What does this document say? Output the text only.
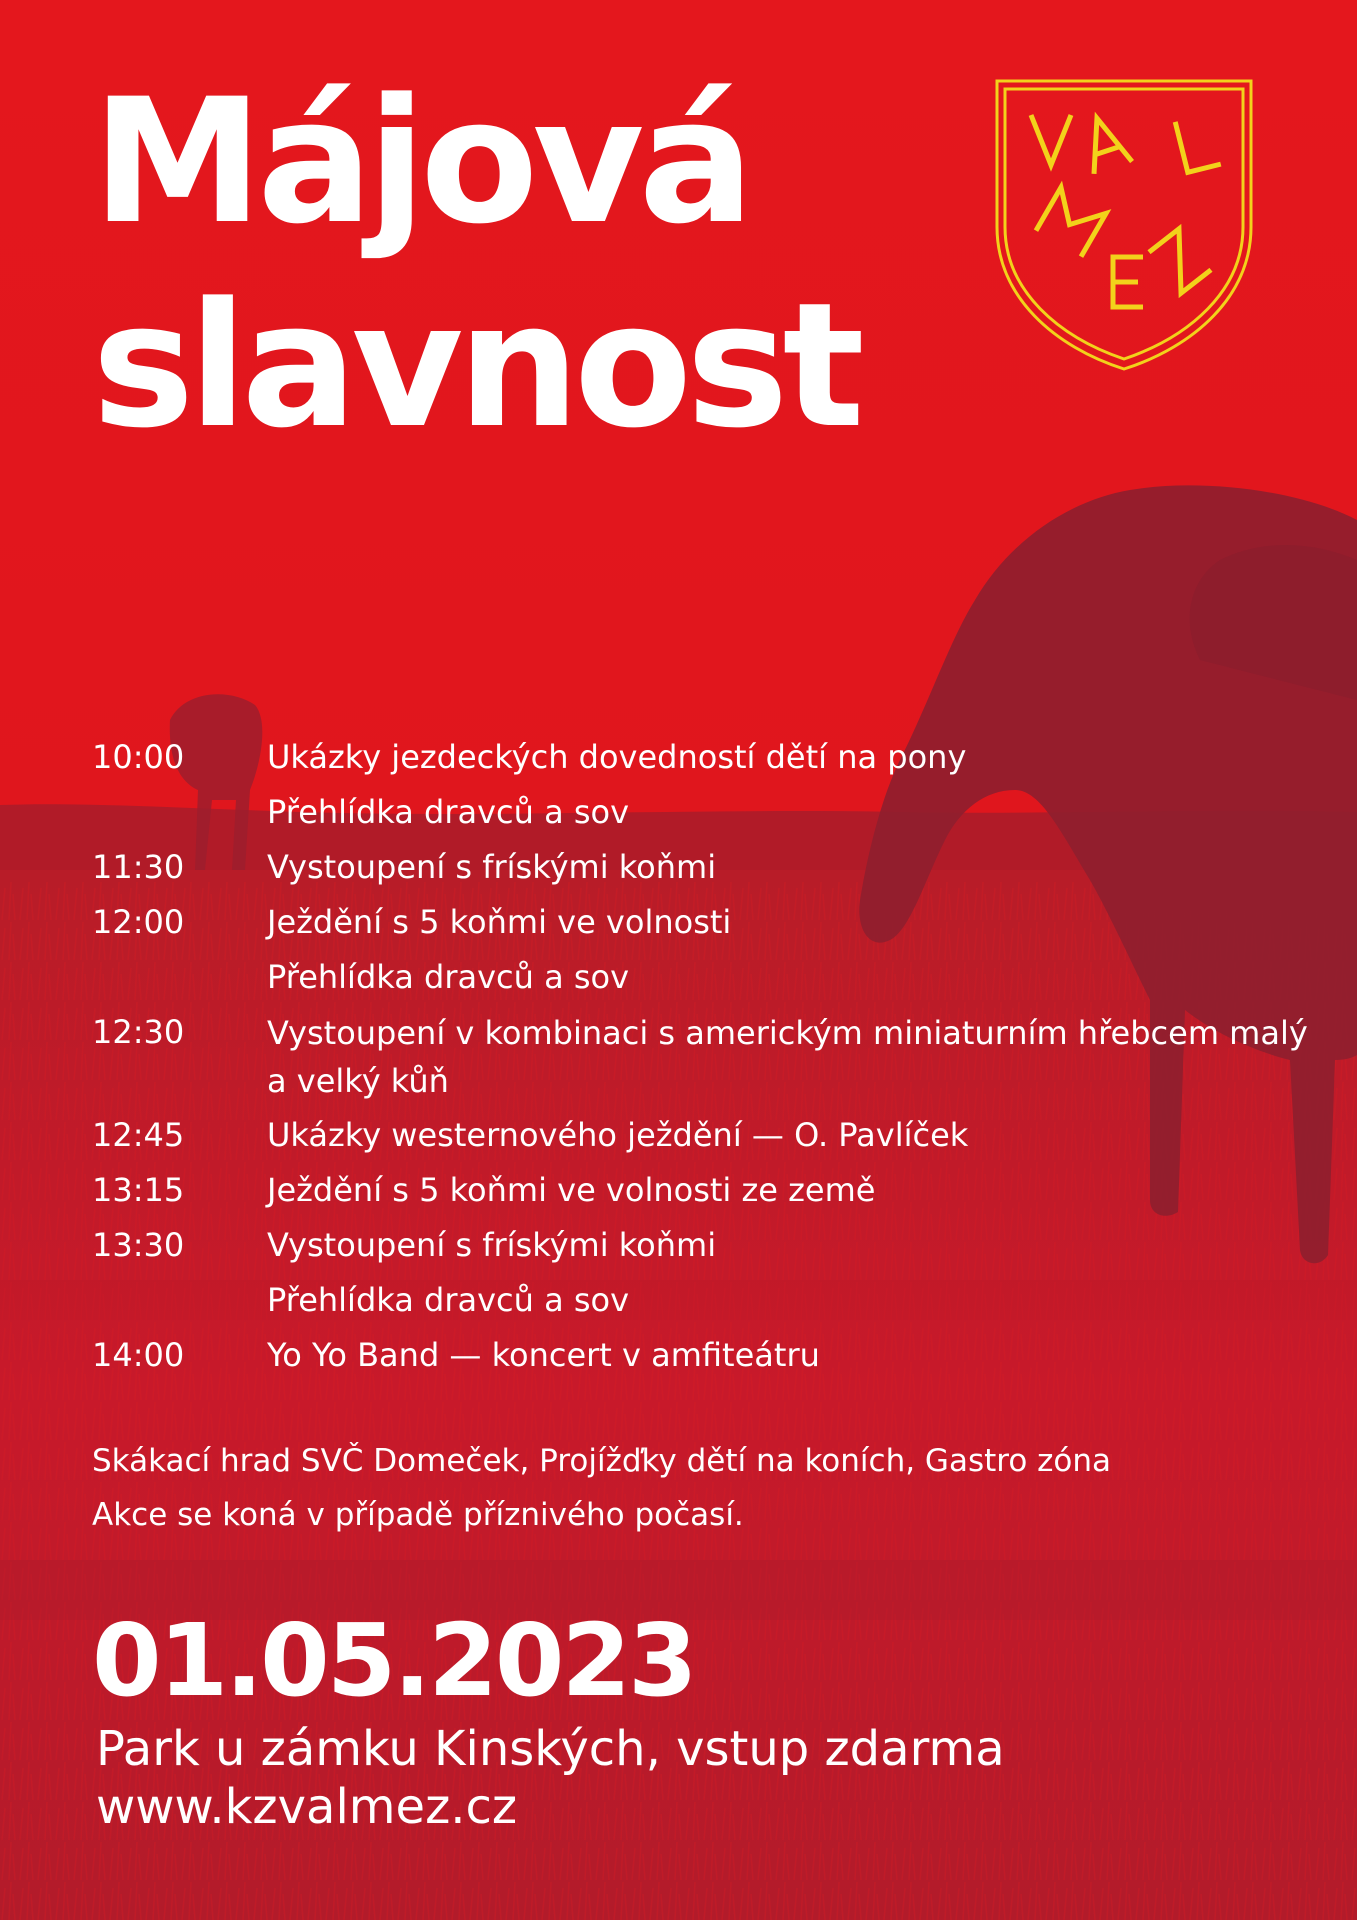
Májová
slavnost
10:00	Ukázky jezdeckých dovedností dětí na pony
Přehlídka dravců a sov
11:30	Vystoupení s frískými koňmi
12:00	Ježdění s 5 koňmi ve volnosti
Přehlídka dravců a sov
12:30	Vystoupení v kombinaci s americkým miniaturním hřebcem malý a velký kůň
12:45	Ukázky westernového ježdění — O. Pavlíček
13:15	Ježdění s 5 koňmi ve volnosti ze země
13:30	Vystoupení s frískými koňmi
Přehlídka dravců a sov
14:00	Yo Yo Band — koncert v amfiteátru
Skákací hrad SVČ Domeček, Projížďky dětí na koních, Gastro zóna
Akce se koná v případě příznivého počasí.
01.05.2023
Park u zámku Kinských, vstup zdarma
www.kzvalmez.cz
